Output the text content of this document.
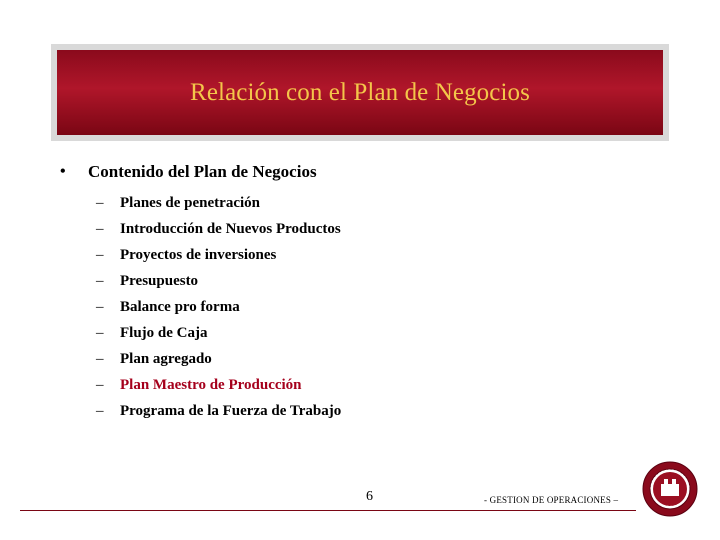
Relación con el Plan de Negocios
•	Contenido del Plan de Negocios
–	Planes de penetración
–	Introducción de Nuevos Productos
–	Proyectos de inversiones
–	Presupuesto
–	Balance pro forma
–	Flujo de Caja
–	Plan agregado
–	Plan Maestro de Producción
–	Programa de la Fuerza de Trabajo
6	- GESTION DE OPERACIONES –
